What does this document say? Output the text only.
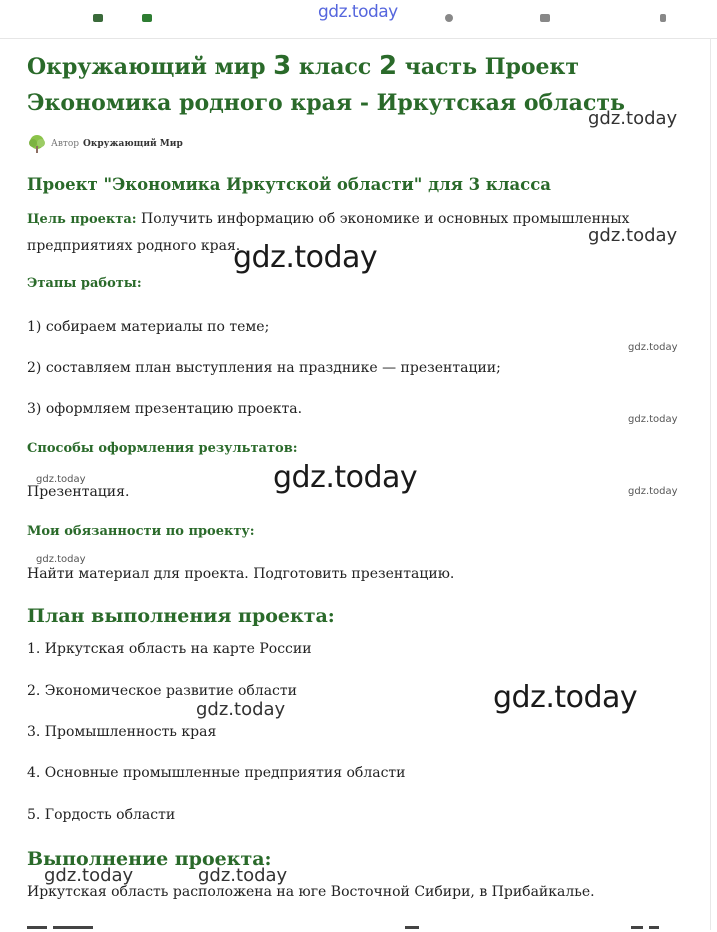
gdz.today
Окружающий мир 3 класс 2 часть Проект Экономика родного края - Иркутская область
Автор Окружающий Мир
Проект "Экономика Иркутской области" для 3 класса
Цель проекта: Получить информацию об экономике и основных промышленных предприятиях родного края.
Этапы работы:
1) собираем материалы по теме;
2) составляем план выступления на празднике — презентации;
3) оформляем презентацию проекта.
Способы оформления результатов:
Презентация.
Мои обязанности по проекту:
Найти материал для проекта. Подготовить презентацию.
План выполнения проекта:
1. Иркутская область на карте России
2. Экономическое развитие области
3. Промышленность края
4. Основные промышленные предприятия области
5. Гордость области
Выполнение проекта:
Иркутская область расположена на юге Восточной Сибири, в Прибайкалье.
gdz.today
gdz.today
gdz.today
gdz.today
gdz.today
gdz.today
gdz.today
gdz.today
gdz.today
gdz.today
gdz.today
gdz.today	gdz.today
